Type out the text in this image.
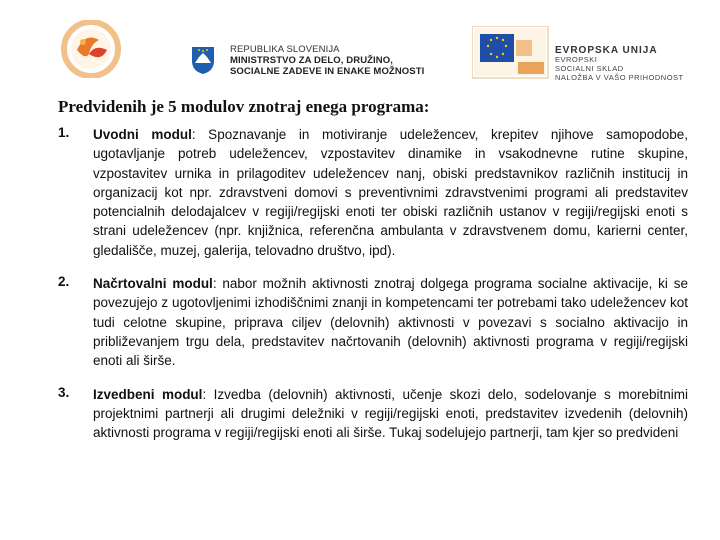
REPUBLIKA SLOVENIJA
MINISTRSTVO ZA DELO, DRUŽINO,
SOCIALNE ZADEVE IN ENAKE MOŽNOSTI
EVROPSKA UNIJA
EVROPSKI
SOCIALNI SKLAD
NALOŽBA V VAŠO PRIHODNOST
Predvidenih je 5 modulov znotraj enega programa:
1. Uvodni modul: Spoznavanje in motiviranje udeležencev, krepitev njihove samopodobe, ugotavljanje potreb udeležencev, vzpostavitev dinamike in vsakodnevne rutine skupine, vzpostavitev urnika in prilagoditev udeležencev nanj, obiski predstavnikov različnih institucij in organizacij kot npr. zdravstveni domovi s preventivnimi zdravstvenimi programi ali predstavitev potencialnih delodajalcev v regiji/regijski enoti ter obiski različnih ustanov v regiji/regijski enoti s strani udeležencev (npr. knjižnica, referenčna ambulanta v zdravstvenem domu, karierni center, gledališče, muzej, galerija, telovadno društvo, ipd).
2. Načrtovalni modul: nabor možnih aktivnosti znotraj dolgega programa socialne aktivacije, ki se povezujejo z ugotovljenimi izhodiščnimi znanji in kompetencami ter potrebami tako udeležencev kot tudi celotne skupine, priprava ciljev (delovnih) aktivnosti v povezavi s socialno aktivacijo in približevanjem trgu dela, predstavitev načrtovanih (delovnih) aktivnosti programa v regiji/regijski enoti ali širše.
3. Izvedbeni modul: Izvedba (delovnih) aktivnosti, učenje skozi delo, sodelovanje s morebitnimi projektnimi partnerji ali drugimi deležniki v regiji/regijski enoti, predstavitev izvedenih (delovnih) aktivnosti programa v regiji/regijski enoti ali širše. Tukaj sodelujejo partnerji, tam kjer so predvideni
